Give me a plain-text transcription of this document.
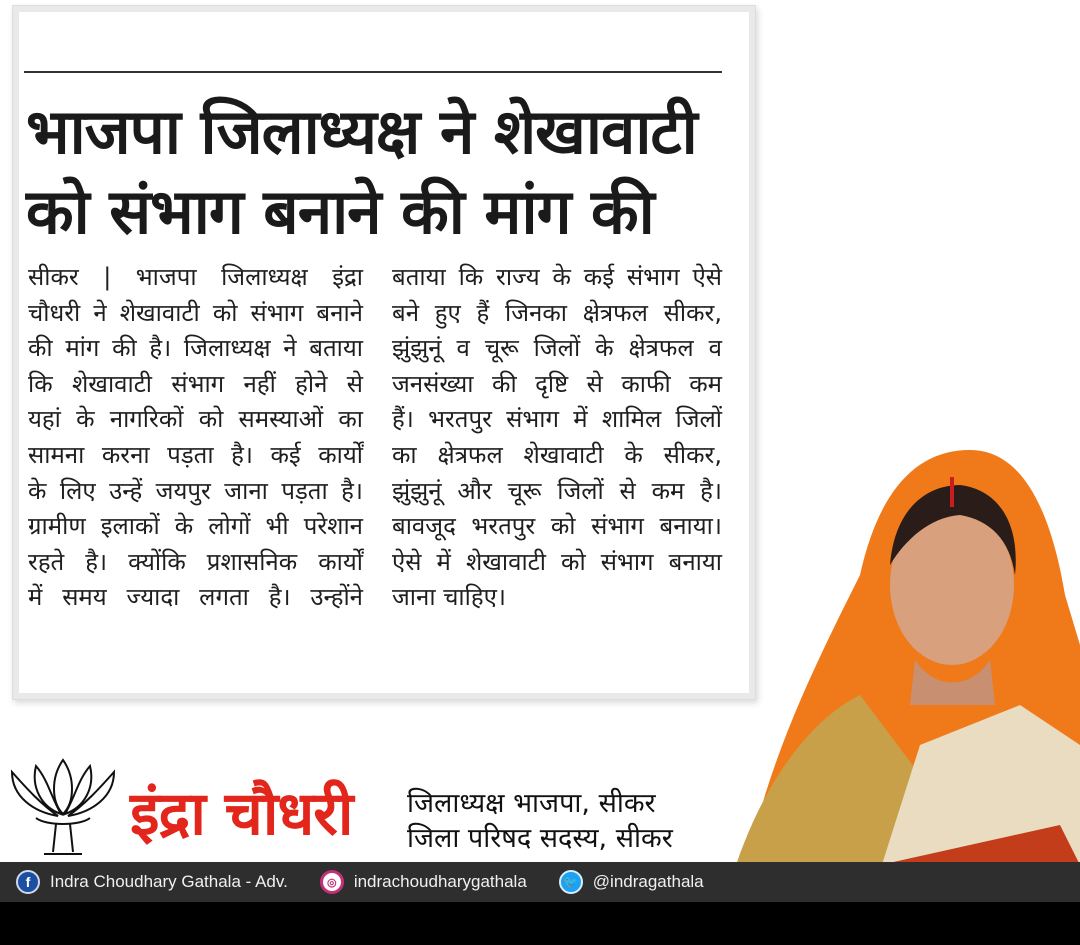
भाजपा जिलाध्यक्ष ने शेखावाटी
को संभाग बनाने की मांग की
सीकर | भाजपा जिलाध्यक्ष इंद्रा
चौधरी ने शेखावाटी को संभाग बनाने
की मांग की है। जिलाध्यक्ष ने बताया
कि शेखावाटी संभाग नहीं होने से
यहां के नागरिकों को समस्याओं का
सामना करना पड़ता है। कई कार्यों
के लिए उन्हें जयपुर जाना पड़ता है।
ग्रामीण इलाकों के लोगों भी परेशान
रहते है। क्योंकि प्रशासनिक कार्यों
में समय ज्यादा लगता है। उन्होंने
बताया कि राज्य के कई संभाग ऐसे
बने हुए हैं जिनका क्षेत्रफल सीकर,
झुंझुनूं व चूरू जिलों के क्षेत्रफल व
जनसंख्या की दृष्टि से काफी कम
हैं। भरतपुर संभाग में शामिल जिलों
का क्षेत्रफल शेखावाटी के सीकर,
झुंझुनूं और चूरू जिलों से कम है।
बावजूद भरतपुर को संभाग बनाया।
ऐसे में शेखावाटी को संभाग बनाया
जाना चाहिए।
इंद्रा चौधरी जिलाध्यक्ष भाजपा, सीकर
जिला परिषद सदस्य, सीकर
f	Indra Choudhary Gathala - Adv.	◎	indrachoudharygathala	🐦 @indragathala
